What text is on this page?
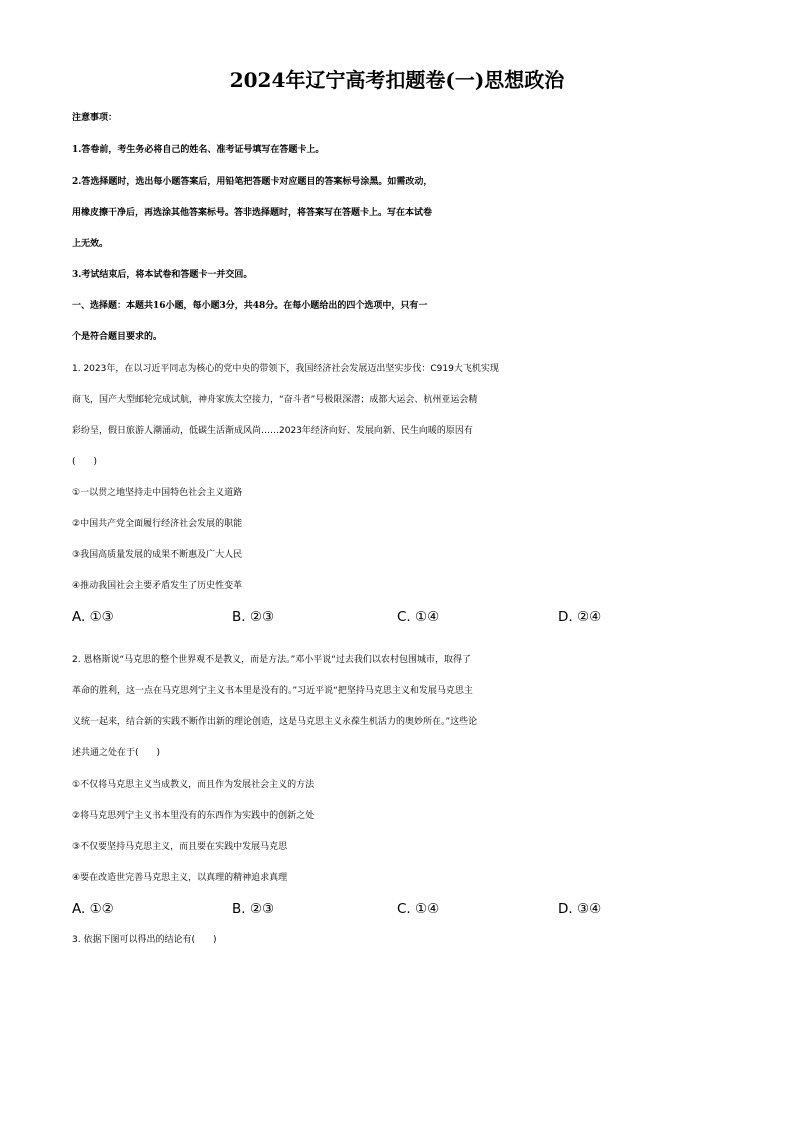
2024年辽宁高考扣题卷(一)思想政治
注意事项：
1.答卷前，考生务必将自己的姓名、准考证号填写在答题卡上。
2.答选择题时，选出每小题答案后，用铅笔把答题卡对应题目的答案标号涂黑。如需改动，
用橡皮擦干净后，再选涂其他答案标号。答非选择题时，将答案写在答题卡上。写在本试卷
上无效。
3.考试结束后，将本试卷和答题卡一并交回。
一、选择题：本题共16小题，每小题3分，共48分。在每小题给出的四个选项中，只有一
个是符合题目要求的。
1. 2023年，在以习近平同志为核心的党中央的带领下，我国经济社会发展迈出坚实步伐：C919大飞机实现
商飞，国产大型邮轮完成试航，神舟家族太空接力，“奋斗者”号极限深潜；成都大运会、杭州亚运会精
彩纷呈，假日旅游人潮涌动，低碳生活渐成风尚……2023年经济向好、发展向新、民生向暖的原因有
(　　)
①一以贯之地坚持走中国特色社会主义道路
②中国共产党全面履行经济社会发展的职能
③我国高质量发展的成果不断惠及广大人民
④推动我国社会主要矛盾发生了历史性变革
A. ①③	B. ②③	C. ①④	D. ②④
2. 恩格斯说“马克思的整个世界观不是教义，而是方法。”邓小平说“过去我们以农村包围城市，取得了
革命的胜利，这一点在马克思列宁主义书本里是没有的。”习近平说“把坚持马克思主义和发展马克思主
义统一起来，结合新的实践不断作出新的理论创造，这是马克思主义永葆生机活力的奥妙所在。”这些论
述共通之处在于(　　)
①不仅将马克思主义当成教义，而且作为发展社会主义的方法
②将马克思列宁主义书本里没有的东西作为实践中的创新之处
③不仅要坚持马克思主义，而且要在实践中发展马克思
④要在改造世完善马克思主义，以真理的精神追求真理
A. ①②	B. ②③	C. ①④	D. ③④
3. 依据下图可以得出的结论有(　　)
